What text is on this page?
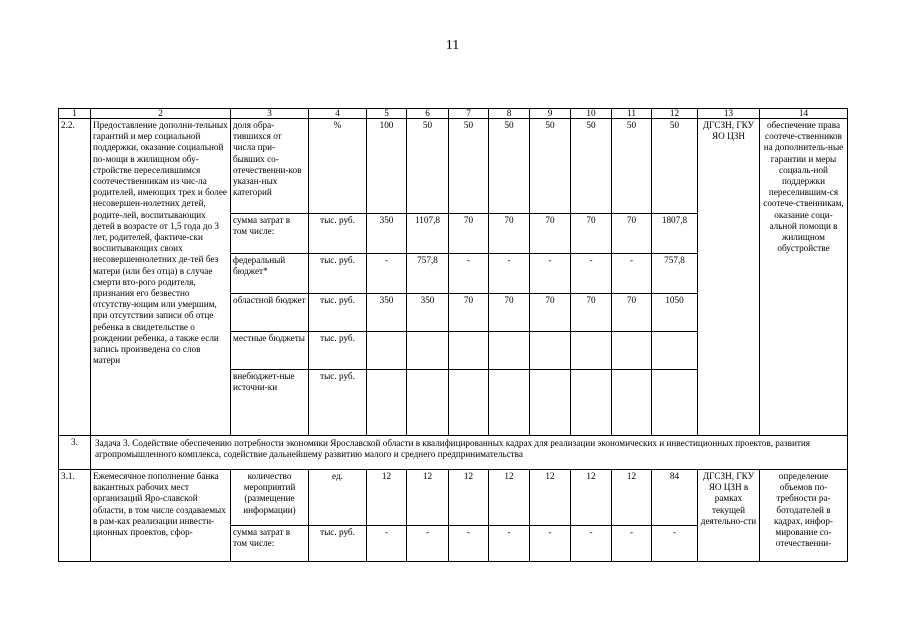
11
1	2	3	4	5	6	7	8	9	10	11	12	13	14
2.2.	Предоставление дополни-тельных гарантий и мер социальной поддержки, оказание социальной по-мощи в жилищном обу-стройстве переселившимся соотечественникам из чис-ла родителей, имеющих трех и более несовершен-нолетних детей, родите-лей, воспитывающих детей в возрасте от 1,5 года до 3 лет, родителей, фактиче-ски воспитывающих своих несовершеннолетних де-тей без матери (или без отца) в случае смерти вто-рого родителя, признания его безвестно отсутству-ющим или умершим, при отсутствии записи об отце ребенка в свидетельстве о рождении ребенка, а также если запись произведена со слов матери	доля обра-тившихся от числа при-бывших со-отечественни-ков указан-ных категорий	%	100	50	50	50	50	50	50	50	ДГСЗН, ГКУ ЯО ЦЗН	обеспечение права соотече-ственников на дополнитель-ные гарантии и меры социаль-ной поддержки переселившим-ся соотече-ственникам, оказание соци-альной помощи в жилищном обустройстве
		сумма затрат в том числе:	тыс. руб.	350	1107,8	70	70	70	70	70	1807,8		
		федеральный бюджет*	тыс. руб.	-	757,8	-	-	-	-	-	757,8		
		областной бюджет	тыс. руб.	350	350	70	70	70	70	70	1050		
		местные бюджеты	тыс. руб.										
		внебюджет-ные источни-ки	тыс. руб.										
3.	Задача 3. Содействие обеспечению потребности экономики Ярославской области в квалифицированных кадрах для реализации экономических и инвестиционных проектов, развития агропромышленного комплекса, содействие дальнейшему развитию малого и среднего предпринимательства												
3.1.	Ежемесячное пополнение банка вакантных рабочих мест организаций Яро-славской области, в том числе создаваемых в рам-ках реализации инвести-ционных проектов, сфор-	количество мероприятий (размещение информации)	ед.	12	12	12	12	12	12	12	84	ДГСЗН, ГКУ ЯО ЦЗН в рамках текущей деятельно-сти	определение объемов по-требности ра-ботодателей в кадрах, инфор-мирование со-отечественни-
		сумма затрат в том числе:	тыс. руб.	-	-	-	-	-	-	-	-		
